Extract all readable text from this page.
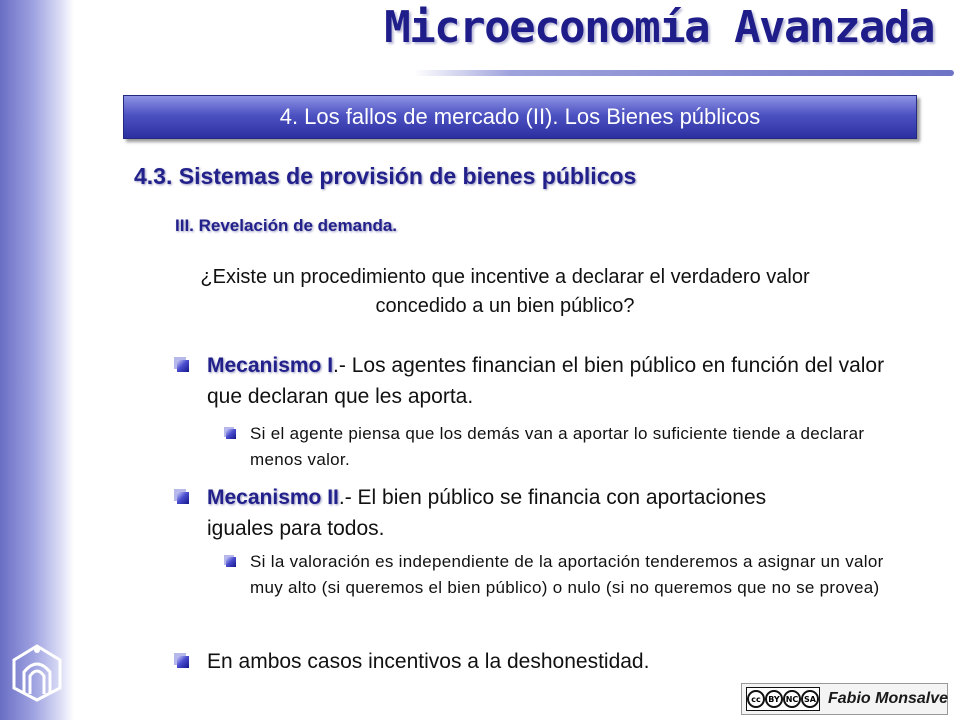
Microeconomía Avanzada
4. Los fallos de mercado (II). Los Bienes públicos
4.3. Sistemas de provisión de bienes públicos
III. Revelación de demanda.
¿Existe un procedimiento que incentive a declarar el verdadero valor concedido a un bien público?
Mecanismo I.- Los agentes financian el bien público en función del valor que declaran que les aporta.
Si el agente piensa que los demás van a aportar lo suficiente tiende a declarar menos valor.
Mecanismo II.- El bien público se financia con aportaciones iguales para todos.
Si la valoración es independiente de la aportación tenderemos a asignar un valor muy alto (si queremos el bien público) o nulo (si no queremos que no se provea)
En ambos casos incentivos a la deshonestidad.
cc BY NC SA Fabio Monsalve
